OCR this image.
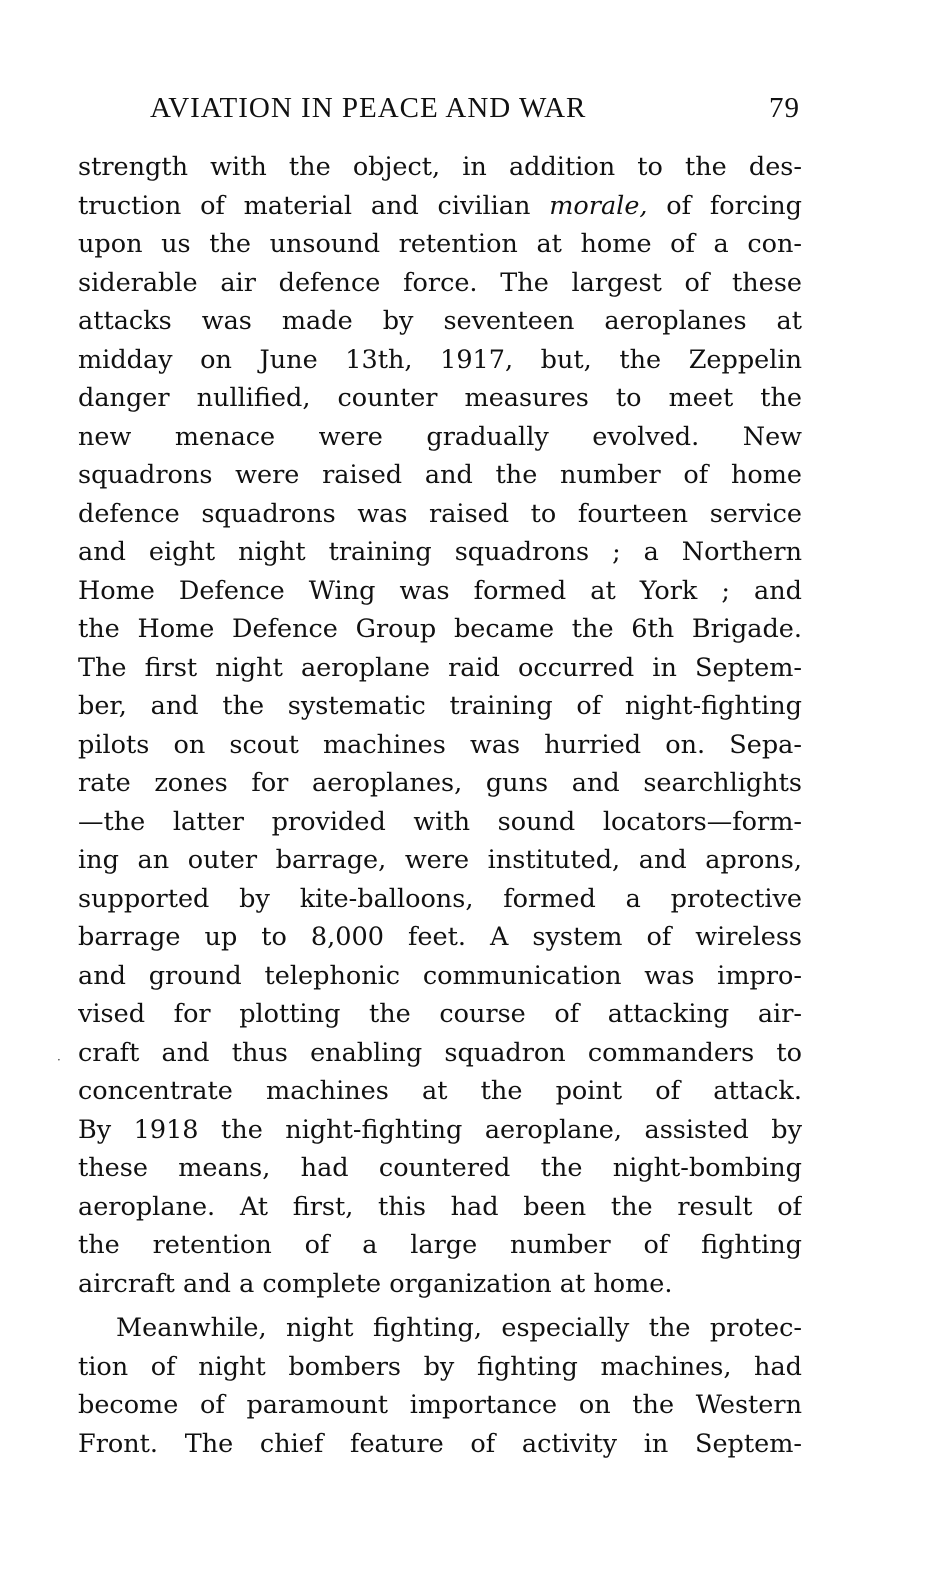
AVIATION IN PEACE AND WAR	79
·
strength with the object, in addition to the des-
truction of material and civilian morale, of forcing
upon us the unsound retention at home of a con-
siderable air defence force. The largest of these
attacks was made by seventeen aeroplanes at
midday on June 13th, 1917, but, the Zeppelin
danger nullified, counter measures to meet the
new menace were gradually evolved. New
squadrons were raised and the number of home
defence squadrons was raised to fourteen service
and eight night training squadrons ; a Northern
Home Defence Wing was formed at York ; and
the Home Defence Group became the 6th Brigade.
The first night aeroplane raid occurred in Septem-
ber, and the systematic training of night-fighting
pilots on scout machines was hurried on. Sepa-
rate zones for aeroplanes, guns and searchlights
—the latter provided with sound locators—form-
ing an outer barrage, were instituted, and aprons,
supported by kite-balloons, formed a protective
barrage up to 8,000 feet. A system of wireless
and ground telephonic communication was impro-
vised for plotting the course of attacking air-
craft and thus enabling squadron commanders to
concentrate machines at the point of attack.
By 1918 the night-fighting aeroplane, assisted by
these means, had countered the night-bombing
aeroplane. At first, this had been the result of
the retention of a large number of fighting
aircraft and a complete organization at home.
Meanwhile, night fighting, especially the protec-
tion of night bombers by fighting machines, had
become of paramount importance on the Western
Front. The chief feature of activity in Septem-
